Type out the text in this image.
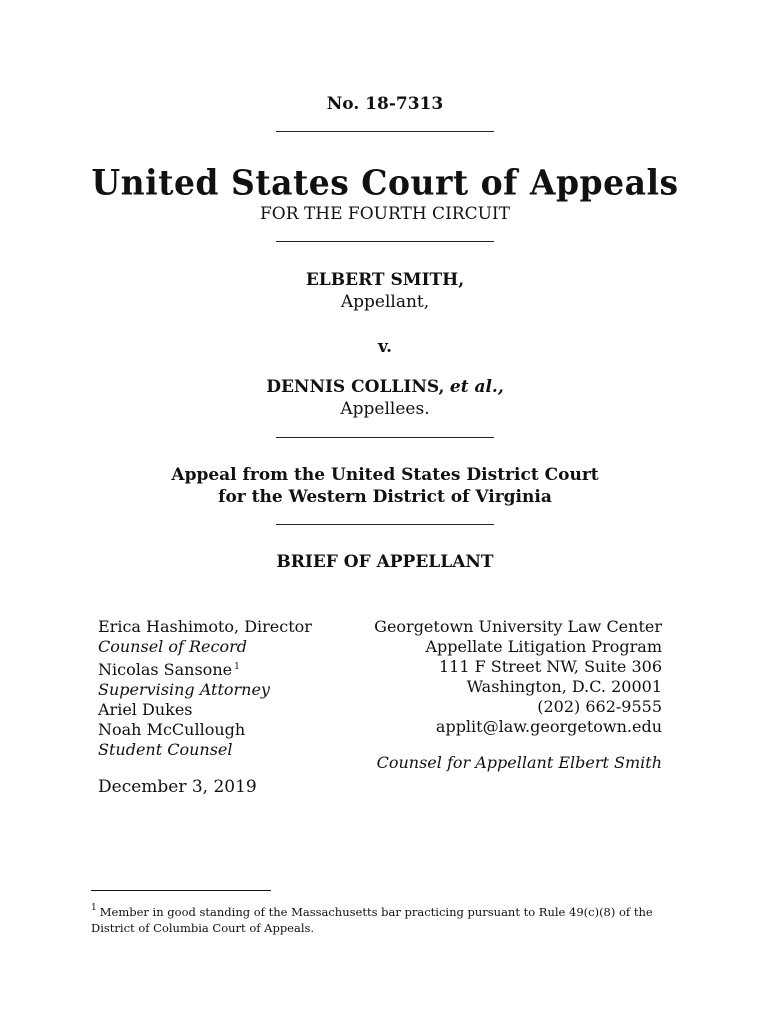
No. 18-7313
United States Court of Appeals
FOR THE FOURTH CIRCUIT
ELBERT SMITH,
Appellant,
v.
DENNIS COLLINS, et al.,
Appellees.
Appeal from the United States District Court
for the Western District of Virginia
BRIEF OF APPELLANT
Erica Hashimoto, Director
Counsel of Record
Nicolas Sansone $^1$
Supervising Attorney
Ariel Dukes
Noah McCullough
Student Counsel
Georgetown University Law Center
Appellate Litigation Program
111 F Street NW, Suite 306
Washington, D.C. 20001
(202) 662-9555
applit@law.georgetown.edu
Counsel for Appellant Elbert Smith
December 3, 2019
$^1$ Member in good standing of the Massachusetts bar practicing pursuant to Rule 49(c)(8) of the District of Columbia Court of Appeals.
